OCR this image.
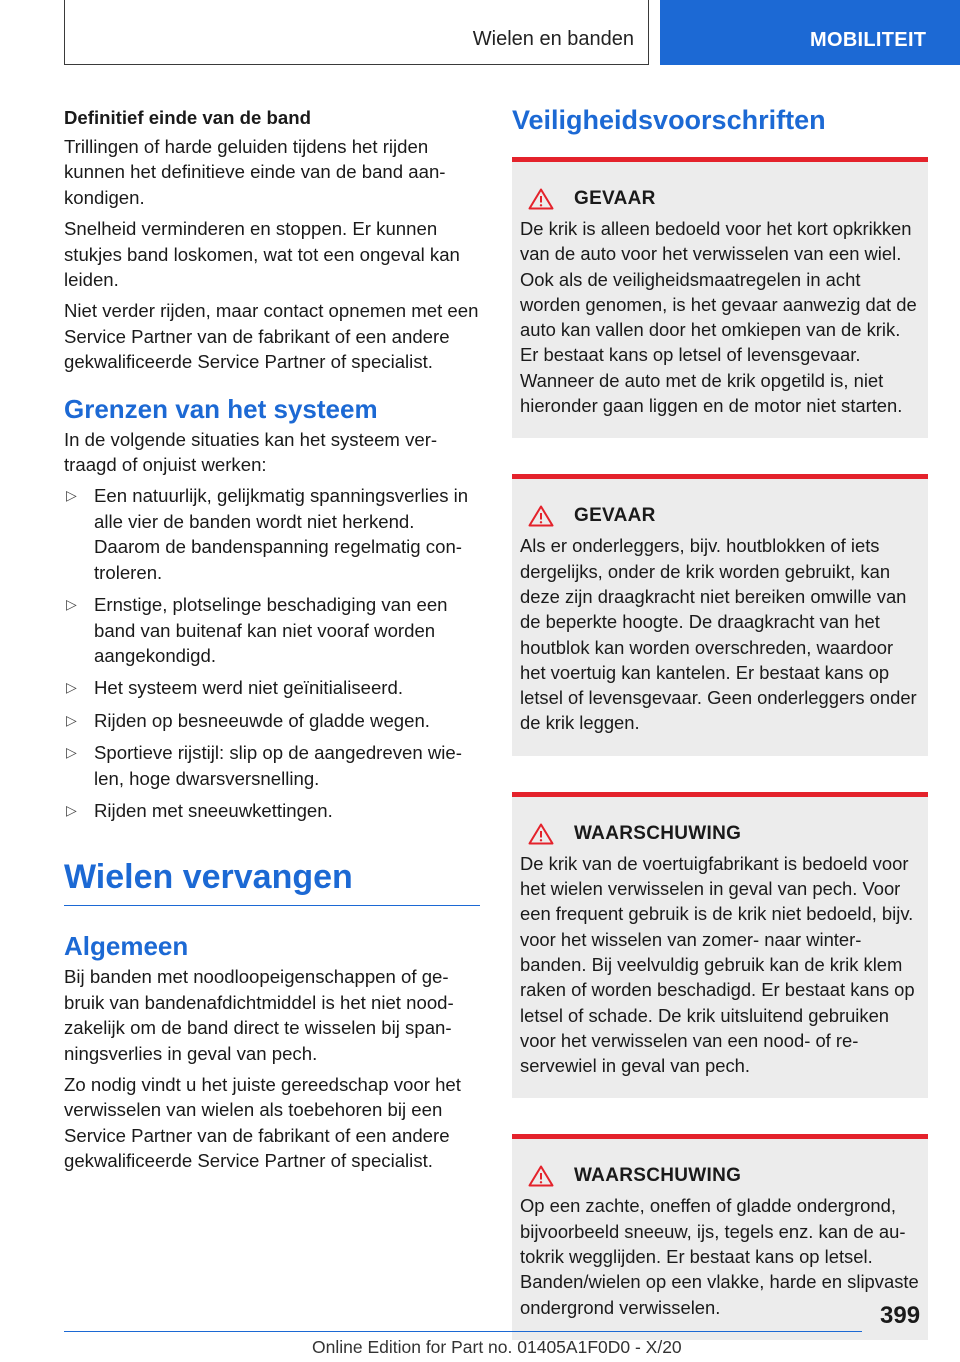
Wielen en banden	MOBILITEIT
Definitief einde van de band

Trillingen of harde geluiden tijdens het rijden kunnen het definitieve einde van de band aankondigen.

Snelheid verminderen en stoppen. Er kunnen stukjes band loskomen, wat tot een ongeval kan leiden.

Niet verder rijden, maar contact opnemen met een Service Partner van de fabrikant of een andere gekwalificeerde Service Partner of specialist.

Grenzen van het systeem

In de volgende situaties kan het systeem vertraagd of onjuist werken:

▷ Een natuurlijk, gelijkmatig spanningsverlies in alle vier de banden wordt niet herkend. Daarom de bandenspanning regelmatig controleren.
▷ Ernstige, plotselinge beschadiging van een band van buitenaf kan niet vooraf worden aangekondigd.
▷ Het systeem werd niet geïnitialiseerd.
▷ Rijden op besneeuwde of gladde wegen.
▷ Sportieve rijstijl: slip op de aangedreven wielen, hoge dwarsversnelling.
▷ Rijden met sneeuwkettingen.
Wielen vervangen
Algemeen

Bij banden met noodloopeigenschappen of gebruik van bandenafdichtmiddel is het niet noodzakelijk om de band direct te wisselen bij spanningsverlies in geval van pech.

Zo nodig vindt u het juiste gereedschap voor het verwisselen van wielen als toebehoren bij een Service Partner van de fabrikant of een andere gekwalificeerde Service Partner of specialist.

Veiligheidsvoorschriften
GEVAAR

De krik is alleen bedoeld voor het kort opkrikken van de auto voor het verwisselen van een wiel. Ook als de veiligheidsmaatregelen in acht worden genomen, is het gevaar aanwezig dat de auto kan vallen door het omkiepen van de krik. Er bestaat kans op letsel of levensgevaar. Wanneer de auto met de krik opgetild is, niet hieronder gaan liggen en de motor niet starten.

GEVAAR

Als er onderleggers, bijv. houtblokken of iets dergelijks, onder de krik worden gebruikt, kan deze zijn draagkracht niet bereiken omwille van de beperkte hoogte. De draagkracht van het houtblok kan worden overschreden, waardoor het voertuig kan kantelen. Er bestaat kans op letsel of levensgevaar. Geen onderleggers onder de krik leggen.

WAARSCHUWING

De krik van de voertuigfabrikant is bedoeld voor het wielen verwisselen in geval van pech. Voor een frequent gebruik is de krik niet bedoeld, bijv. voor het wisselen van zomer- naar winterbanden. Bij veelvuldig gebruik kan de krik klem raken of worden beschadigd. Er bestaat kans op letsel of schade. De krik uitsluitend gebruiken voor het verwisselen van een nood- of reservewiel in geval van pech.

WAARSCHUWING

Op een zachte, oneffen of gladde ondergrond, bijvoorbeeld sneeuw, ijs, tegels enz. kan de autokrik wegglijden. Er bestaat kans op letsel. Banden/wielen op een vlakke, harde en slipvaste ondergrond verwisselen.	399
Online Edition for Part no. 01405A1F0D0 - X/20
